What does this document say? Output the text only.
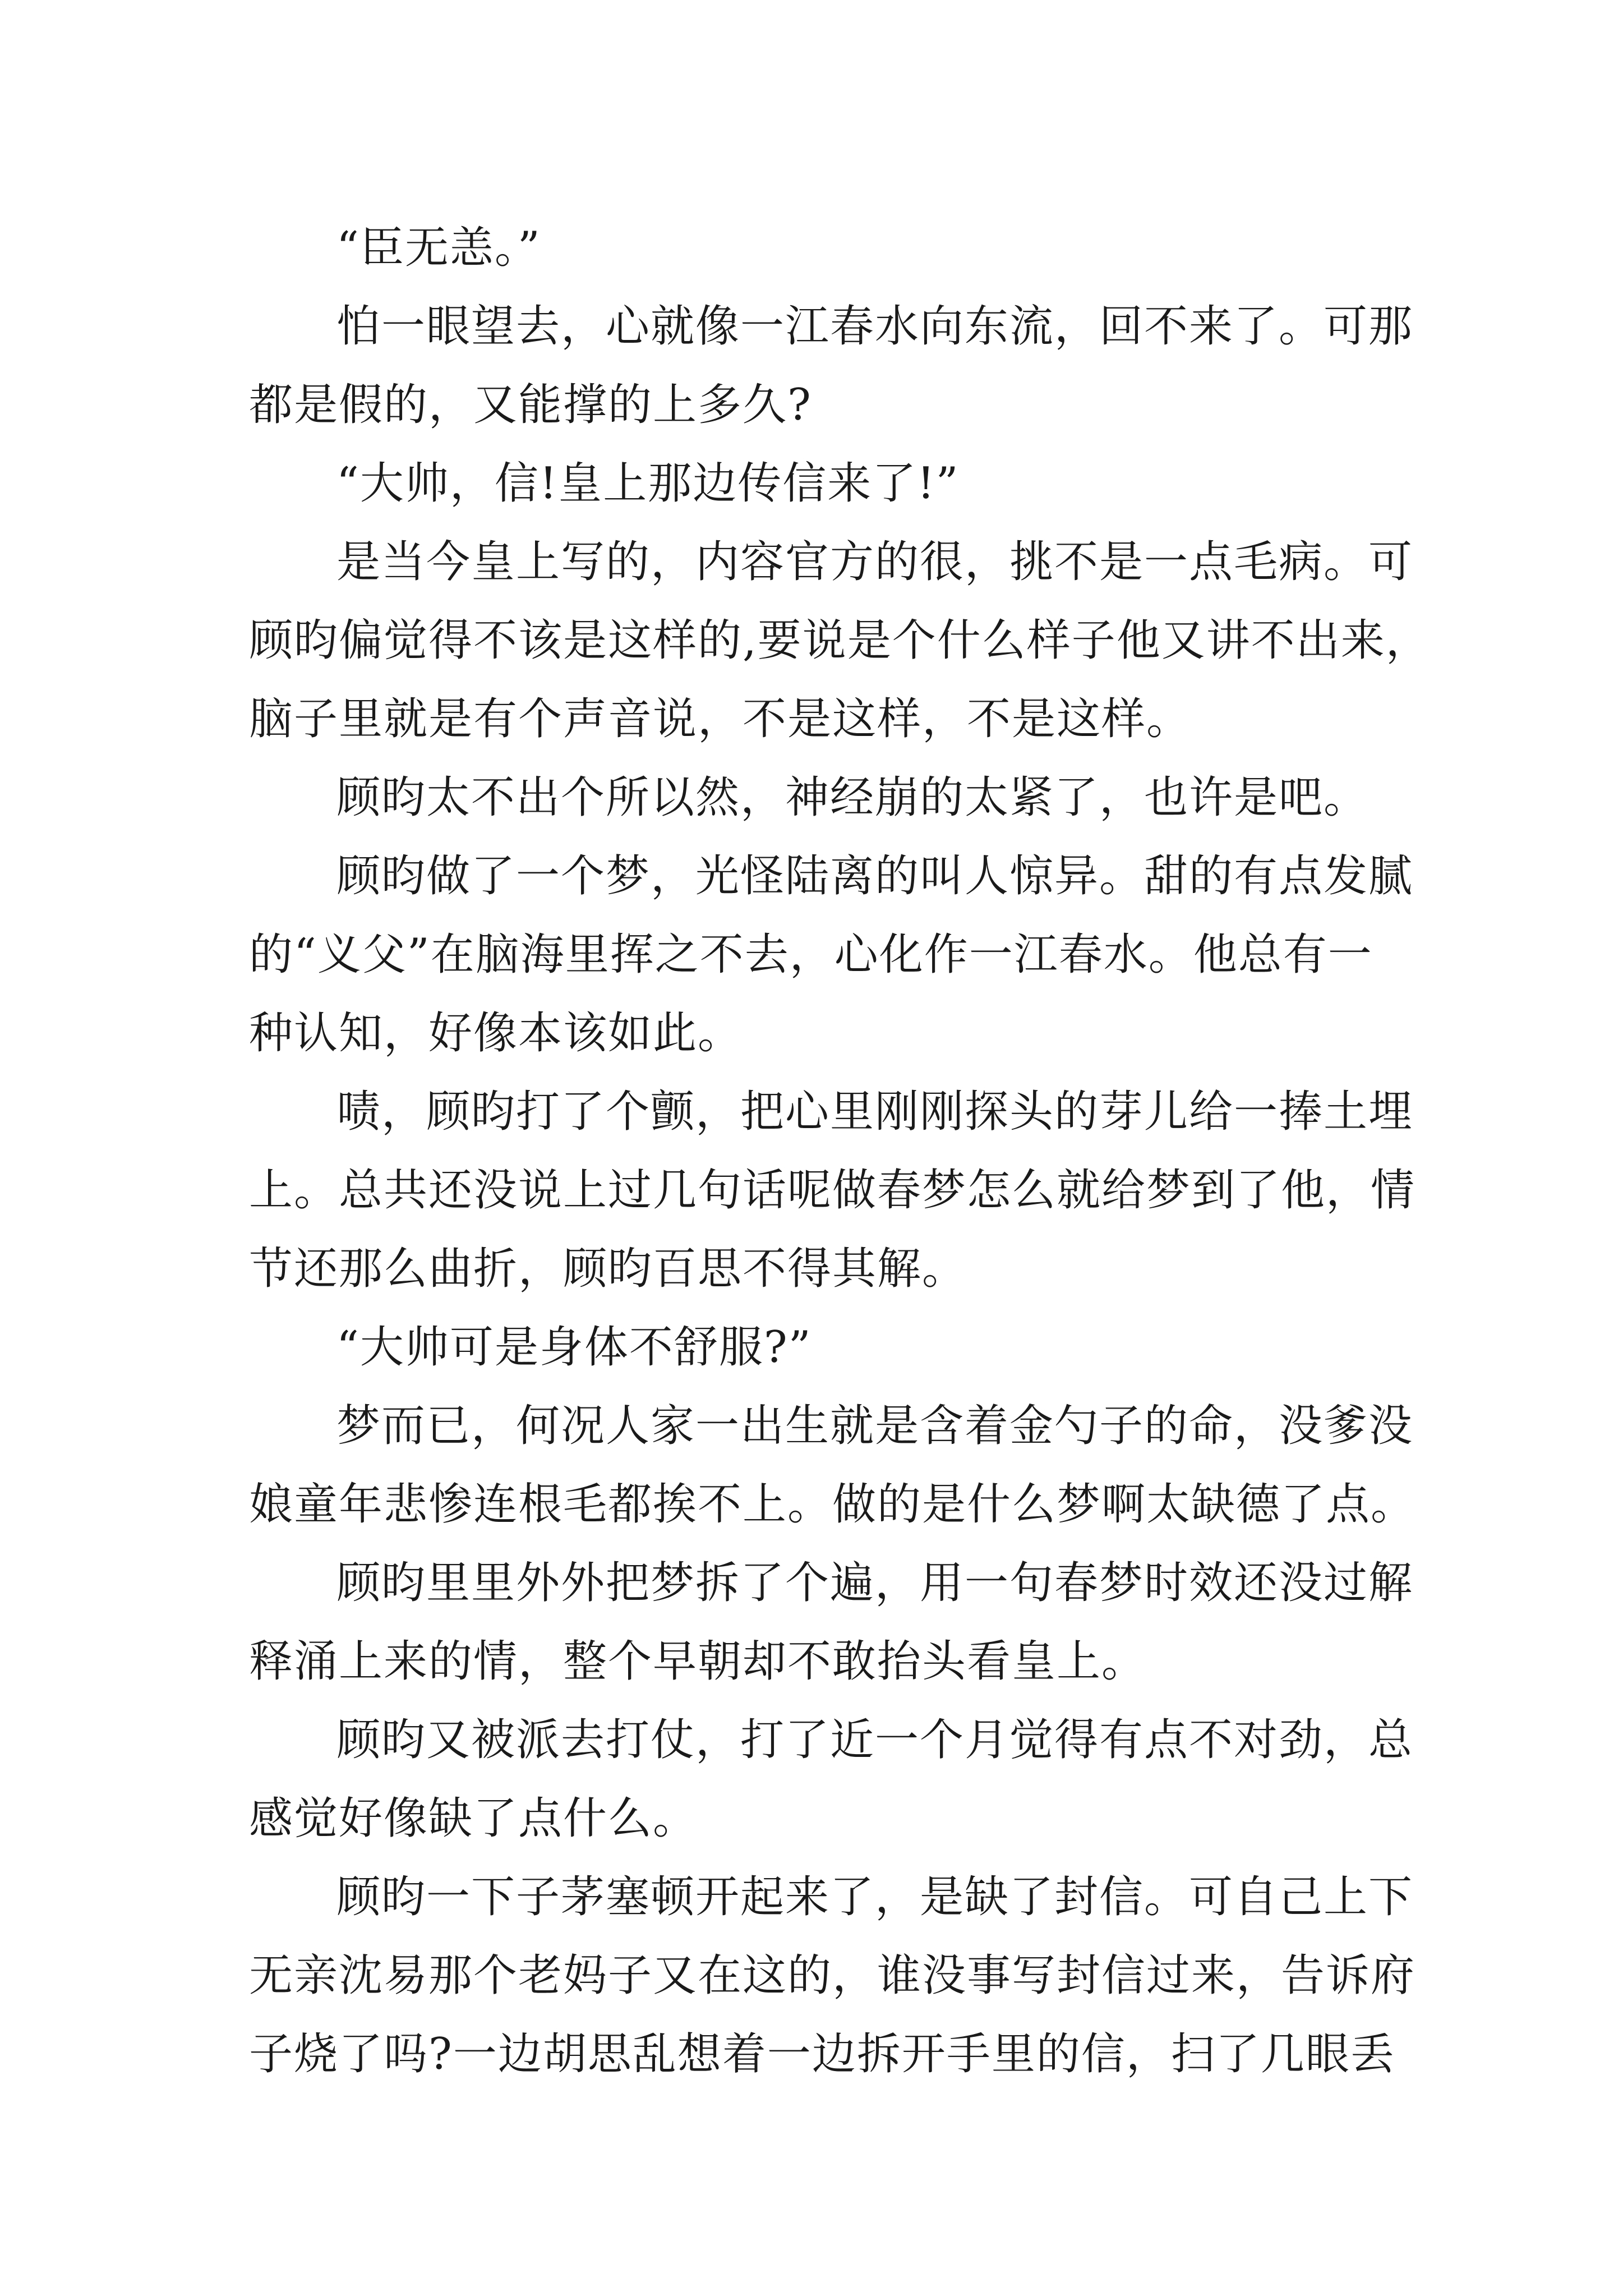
“臣无恙。”
怕一眼望去，心就像一江春水向东流，回不来了。可那
都是假的，又能撑的上多久?
“大帅，信!皇上那边传信来了!”
是当今皇上写的，内容官方的很，挑不是一点毛病。可
顾昀偏觉得不该是这样的,要说是个什么样子他又讲不出来，
脑子里就是有个声音说，不是这样，不是这样。
顾昀太不出个所以然，神经崩的太紧了，也许是吧。
顾昀做了一个梦，光怪陆离的叫人惊异。甜的有点发腻
的“义父”在脑海里挥之不去，心化作一江春水。他总有一
种认知，好像本该如此。
啧，顾昀打了个颤，把心里刚刚探头的芽儿给一捧土埋
上。总共还没说上过几句话呢做春梦怎么就给梦到了他，情
节还那么曲折，顾昀百思不得其解。
“大帅可是身体不舒服?”
梦而已，何况人家一出生就是含着金勺子的命，没爹没
娘童年悲惨连根毛都挨不上。做的是什么梦啊太缺德了点。
顾昀里里外外把梦拆了个遍，用一句春梦时效还没过解
释涌上来的情，整个早朝却不敢抬头看皇上。
顾昀又被派去打仗，打了近一个月觉得有点不对劲，总
感觉好像缺了点什么。
顾昀一下子茅塞顿开起来了，是缺了封信。可自己上下
无亲沈易那个老妈子又在这的，谁没事写封信过来，告诉府
子烧了吗?一边胡思乱想着一边拆开手里的信，扫了几眼丢
